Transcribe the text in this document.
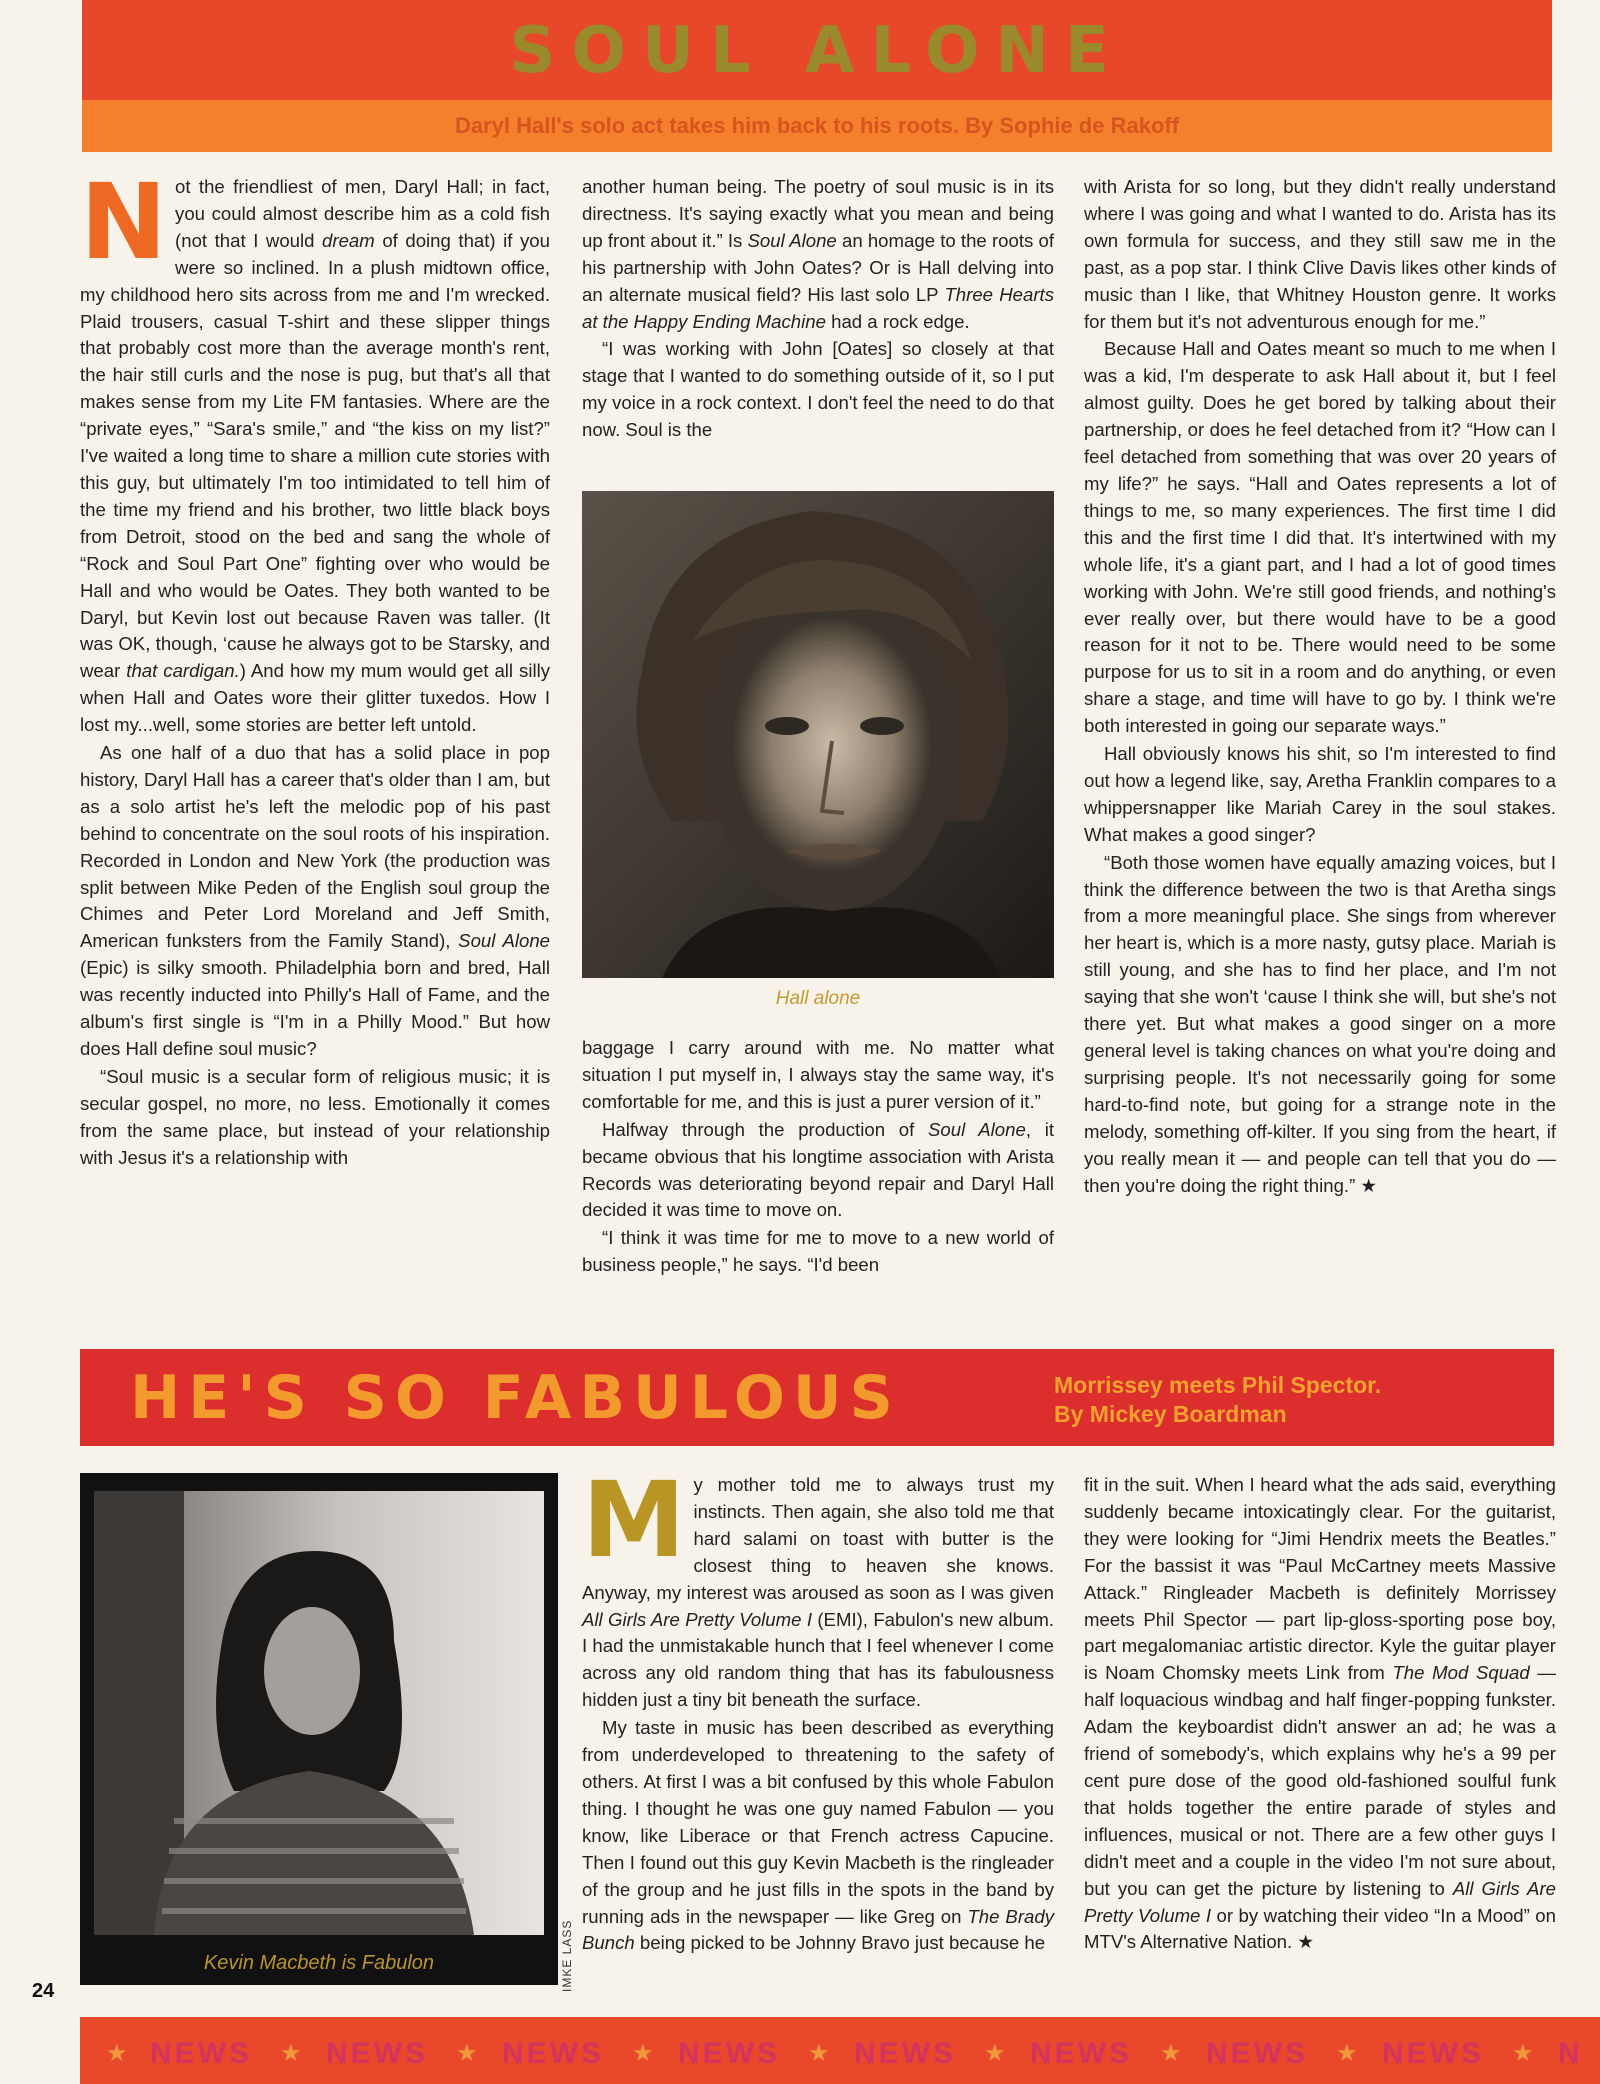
SOUL ALONE
Daryl Hall's solo act takes him back to his roots. By Sophie de Rakoff

Not the friendliest of men, Daryl Hall; in fact, you could almost describe him as a cold fish (not that I would dream of doing that) if you were so inclined. In a plush midtown office, my childhood hero sits across from me and I'm wrecked. Plaid trousers, casual T-shirt and these slipper things that probably cost more than the average month's rent, the hair still curls and the nose is pug, but that's all that makes sense from my Lite FM fantasies. Where are the “private eyes,” “Sara's smile,” and “the kiss on my list?” I've waited a long time to share a million cute stories with this guy, but ultimately I'm too intimidated to tell him of the time my friend and his brother, two little black boys from Detroit, stood on the bed and sang the whole of “Rock and Soul Part One” fighting over who would be Hall and who would be Oates. They both wanted to be Daryl, but Kevin lost out because Raven was taller. (It was OK, though, ‘cause he always got to be Starsky, and wear that cardigan.) And how my mum would get all silly when Hall and Oates wore their glitter tuxedos. How I lost my...well, some stories are better left untold.

As one half of a duo that has a solid place in pop history, Daryl Hall has a career that's older than I am, but as a solo artist he's left the melodic pop of his past behind to concentrate on the soul roots of his inspiration. Recorded in London and New York (the production was split between Mike Peden of the English soul group the Chimes and Peter Lord Moreland and Jeff Smith, American funksters from the Family Stand), Soul Alone (Epic) is silky smooth. Philadelphia born and bred, Hall was recently inducted into Philly's Hall of Fame, and the album's first single is “I'm in a Philly Mood.” But how does Hall define soul music?

“Soul music is a secular form of religious music; it is secular gospel, no more, no less. Emotionally it comes from the same place, but instead of your relationship with Jesus it's a relationship with

another human being. The poetry of soul music is in its directness. It's saying exactly what you mean and being up front about it.” Is Soul Alone an homage to the roots of his partnership with John Oates? Or is Hall delving into an alternate musical field? His last solo LP Three Hearts at the Happy Ending Machine had a rock edge.

“I was working with John [Oates] so closely at that stage that I wanted to do something outside of it, so I put my voice in a rock context. I don't feel the need to do that now. Soul is the

Hall alone

baggage I carry around with me. No matter what situation I put myself in, I always stay the same way, it's comfortable for me, and this is just a purer version of it.”

Halfway through the production of Soul Alone, it became obvious that his longtime association with Arista Records was deteriorating beyond repair and Daryl Hall decided it was time to move on.

“I think it was time for me to move to a new world of business people,” he says. “I'd been

with Arista for so long, but they didn't really understand where I was going and what I wanted to do. Arista has its own formula for success, and they still saw me in the past, as a pop star. I think Clive Davis likes other kinds of music than I like, that Whitney Houston genre. It works for them but it's not adventurous enough for me.”

Because Hall and Oates meant so much to me when I was a kid, I'm desperate to ask Hall about it, but I feel almost guilty. Does he get bored by talking about their partnership, or does he feel detached from it? “How can I feel detached from something that was over 20 years of my life?” he says. “Hall and Oates represents a lot of things to me, so many experiences. The first time I did this and the first time I did that. It's intertwined with my whole life, it's a giant part, and I had a lot of good times working with John. We're still good friends, and nothing's ever really over, but there would have to be a good reason for it not to be. There would need to be some purpose for us to sit in a room and do anything, or even share a stage, and time will have to go by. I think we're both interested in going our separate ways.”

Hall obviously knows his shit, so I'm interested to find out how a legend like, say, Aretha Franklin compares to a whippersnapper like Mariah Carey in the soul stakes. What makes a good singer?

“Both those women have equally amazing voices, but I think the difference between the two is that Aretha sings from a more meaningful place. She sings from wherever her heart is, which is a more nasty, gutsy place. Mariah is still young, and she has to find her place, and I'm not saying that she won't ‘cause I think she will, but she's not there yet. But what makes a good singer on a more general level is taking chances on what you're doing and surprising people. It's not necessarily going for some hard-to-find note, but going for a strange note in the melody, something off-kilter. If you sing from the heart, if you really mean it — and people can tell that you do — then you're doing the right thing.” ★

HE'S SO FABULOUS	Morrissey meets Phil Spector.
By Mickey Boardman
Kevin Macbeth is Fabulon	IMKE LASS

My mother told me to always trust my instincts. Then again, she also told me that hard salami on toast with butter is the closest thing to heaven she knows. Anyway, my interest was aroused as soon as I was given All Girls Are Pretty Volume I (EMI), Fabulon's new album. I had the unmistakable hunch that I feel whenever I come across any old random thing that has its fabulousness hidden just a tiny bit beneath the surface.

My taste in music has been described as everything from underdeveloped to threatening to the safety of others. At first I was a bit confused by this whole Fabulon thing. I thought he was one guy named Fabulon — you know, like Liberace or that French actress Capucine. Then I found out this guy Kevin Macbeth is the ringleader of the group and he just fills in the spots in the band by running ads in the newspaper — like Greg on The Brady Bunch being picked to be Johnny Bravo just because he

fit in the suit. When I heard what the ads said, everything suddenly became intoxicatingly clear. For the guitarist, they were looking for “Jimi Hendrix meets the Beatles.” For the bassist it was “Paul McCartney meets Massive Attack.” Ringleader Macbeth is definitely Morrissey meets Phil Spector — part lip-gloss-sporting pose boy, part megalomaniac artistic director. Kyle the guitar player is Noam Chomsky meets Link from The Mod Squad — half loquacious windbag and half finger-popping funkster. Adam the keyboardist didn't answer an ad; he was a friend of somebody's, which explains why he's a 99 per cent pure dose of the good old-fashioned soulful funk that holds together the entire parade of styles and influences, musical or not. There are a few other guys I didn't meet and a couple in the video I'm not sure about, but you can get the picture by listening to All Girls Are Pretty Volume I or by watching their video “In a Mood” on MTV's Alternative Nation. ★

24
★ NEWS ★ NEWS ★ NEWS ★ NEWS ★ NEWS ★ NEWS ★ NEWS ★ NEWS ★ N
